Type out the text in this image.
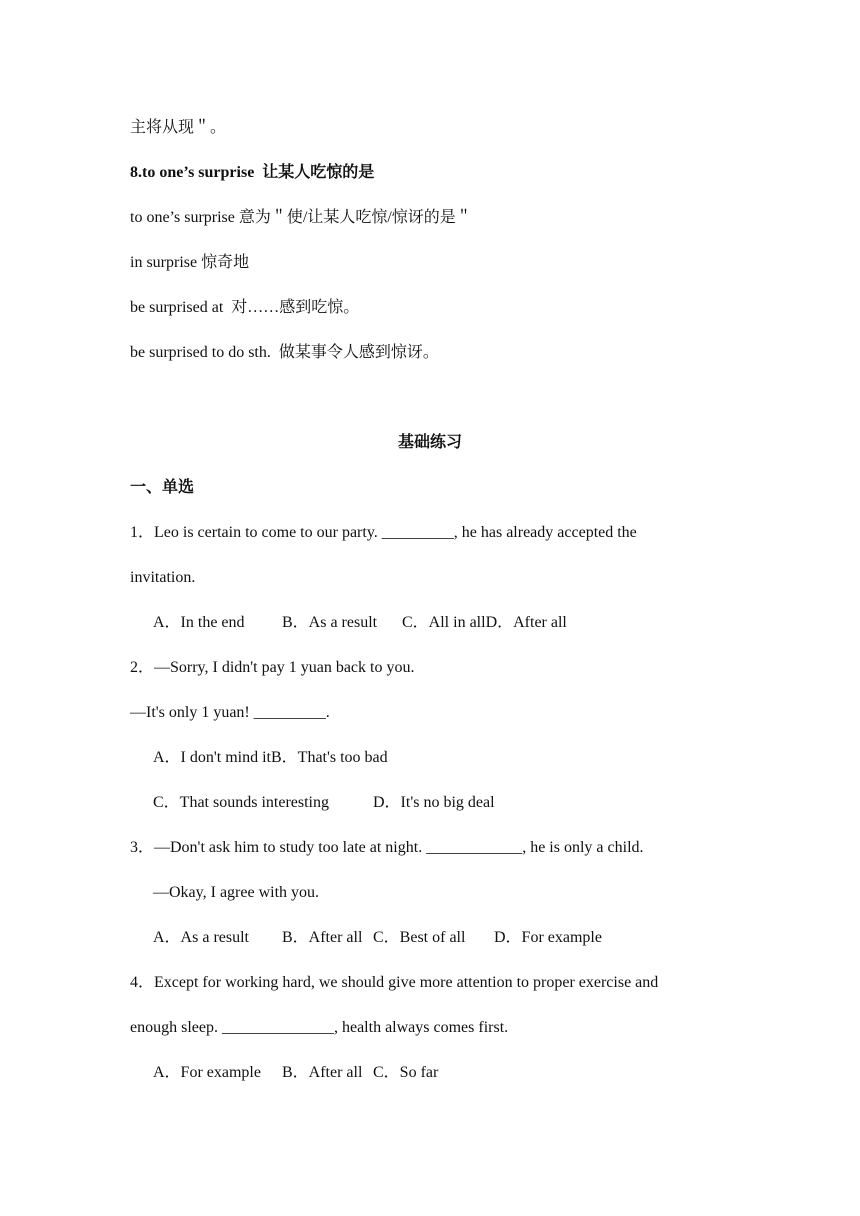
主将从现＂。
8.to one’s surprise  让某人吃惊的是
to one’s surprise 意为＂使/让某人吃惊/惊讶的是＂
in surprise 惊奇地
be surprised at  对……感到吃惊。
be surprised to do sth.  做某事令人感到惊讶。
基础练习
一、单选
1．Leo is certain to come to our party. _________, he has already accepted the
invitation.
A．In the end B．As a result C．All in allD．After all
2．—Sorry, I didn't pay 1 yuan back to you.
—It's only 1 yuan! _________.
A．I don't mind itB．That's too bad
C．That sounds interesting	D．It's no big deal
3．—Don't ask him to study too late at night. ____________, he is only a child.
—Okay, I agree with you.
A．As a result B．After all C．Best of all D．For example
4．Except for working hard, we should give more attention to proper exercise and
enough sleep. ______________, health always comes first.
A．For example B．After all C．So far
